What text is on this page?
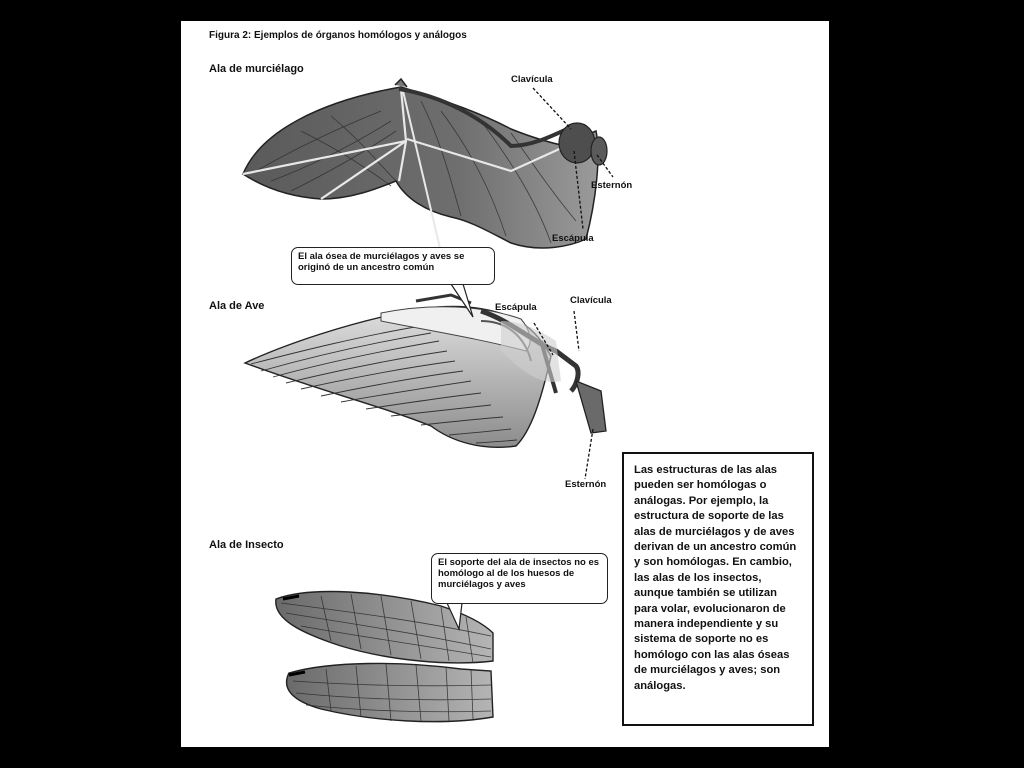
Figura 2: Ejemplos de órganos homólogos y análogos
Ala de murciélago
Ala de Ave
Ala de Insecto
Clavícula
Esternón
Escápula
Escápula
Clavícula
Esternón
El ala ósea de murciélagos y aves se originó de un ancestro común
El soporte del ala de insectos no es homólogo al de los huesos de murciélagos y aves
Las estructuras de las alas pueden ser homólogas o análogas. Por ejemplo, la estructura de soporte de las alas de murciélagos y de aves derivan de un ancestro común y son homólogas. En cambio, las alas de los insectos, aunque también se utilizan para volar, evolucionaron de manera independiente y su sistema de soporte no es homólogo con las alas óseas de murciélagos y aves; son análogas.
